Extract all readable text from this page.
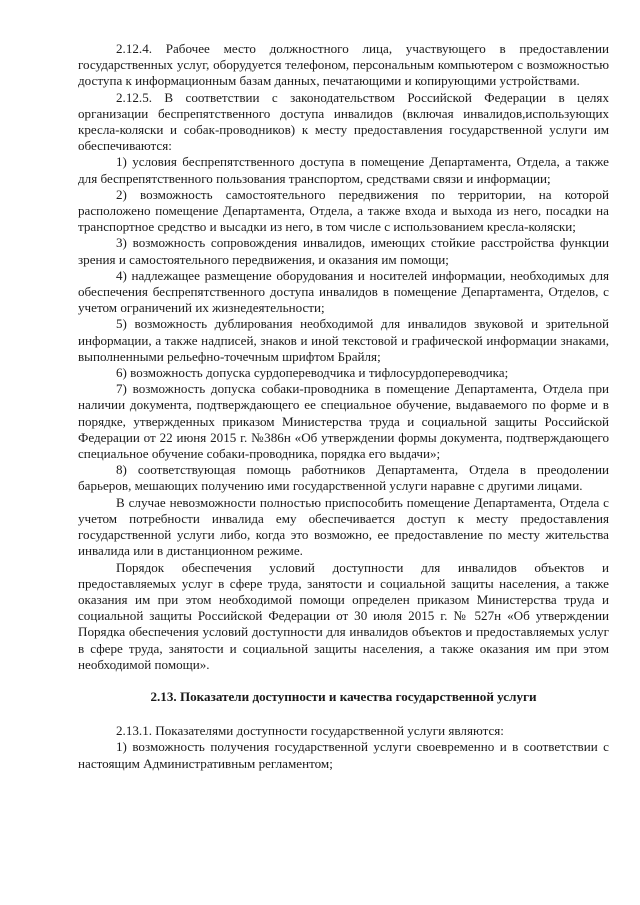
2.12.4. Рабочее место должностного лица, участвующего в предоставлении государственных услуг, оборудуется телефоном, персональным компьютером с возможностью доступа к информационным базам данных, печатающими и копирующими устройствами.

2.12.5. В соответствии с законодательством Российской Федерации в целях организации беспрепятственного доступа инвалидов (включая инвалидов,использующих кресла-коляски и собак-проводников) к месту предоставления государственной услуги им обеспечиваются:

1) условия беспрепятственного доступа в помещение Департамента, Отдела, а также для беспрепятственного пользования транспортом, средствами связи и информации;

2) возможность самостоятельного передвижения по территории, на которой расположено помещение Департамента, Отдела, а также входа и выхода из него, посадки на транспортное средство и высадки из него, в том числе с использованием кресла-коляски;

3) возможность сопровождения инвалидов, имеющих стойкие расстройства функции зрения и самостоятельного передвижения, и оказания им помощи;

4) надлежащее размещение оборудования и носителей информации, необходимых для обеспечения беспрепятственного доступа инвалидов в помещение Департамента, Отделов, с учетом ограничений их жизнедеятельности;

5) возможность дублирования необходимой для инвалидов звуковой и зрительной информации, а также надписей, знаков и иной текстовой и графической информации знаками, выполненными рельефно-точечным шрифтом Брайля;

6) возможность допуска сурдопереводчика и тифлосурдопереводчика;

7) возможность допуска собаки-проводника в помещение Департамента, Отдела при наличии документа, подтверждающего ее специальное обучение, выдаваемого по форме и в порядке, утвержденных приказом Министерства труда и социальной защиты Российской Федерации от 22 июня 2015 г. №386н «Об утверждении формы документа, подтверждающего специальное обучение собаки-проводника, порядка его выдачи»;

8) соответствующая помощь работников Департамента, Отдела в преодолении барьеров, мешающих получению ими государственной услуги наравне с другими лицами.

В случае невозможности полностью приспособить помещение Департамента, Отдела с учетом потребности инвалида ему обеспечивается доступ к месту предоставления государственной услуги либо, когда это возможно, ее предоставление по месту жительства инвалида или в дистанционном режиме.

Порядок обеспечения условий доступности для инвалидов объектов и предоставляемых услуг в сфере труда, занятости и социальной защиты населения, а также оказания им при этом необходимой помощи определен приказом Министерства труда и социальной защиты Российской Федерации от 30 июля 2015 г. № 527н «Об утверждении Порядка обеспечения условий доступности для инвалидов объектов и предоставляемых услуг в сфере труда, занятости и социальной защиты населения, а также оказания им при этом необходимой помощи».

2.13. Показатели доступности и качества государственной услуги

2.13.1. Показателями доступности государственной услуги являются:

1) возможность получения государственной услуги своевременно и в соответствии с настоящим Административным регламентом;
